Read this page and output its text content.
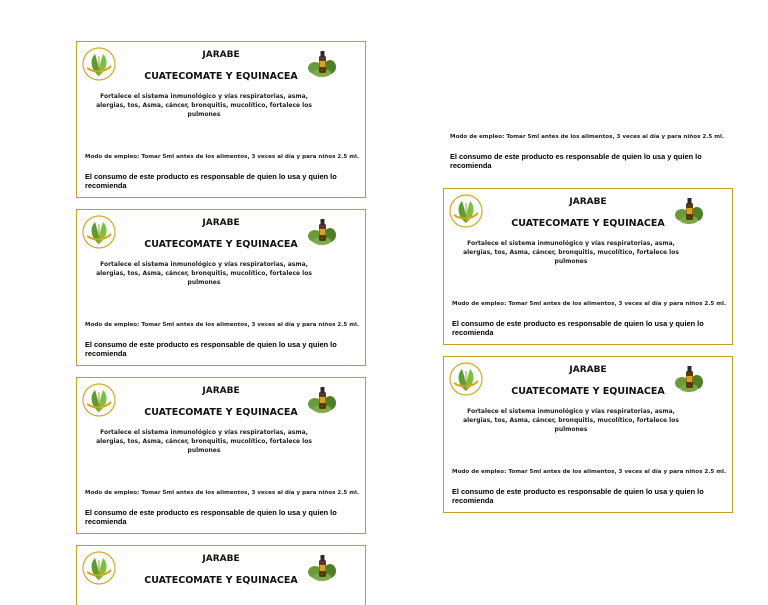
JARABE
CUATECOMATE Y EQUINACEA
Fortalece el sistema inmunológico y vías respiratorias, asma, alergias, tos, Asma, cáncer, bronquitis, mucolítico, fortalece los pulmones
Modo de empleo: Tomar 5ml antes de los alimentos, 3 veces al día y para niños 2.5 ml.
El consumo de este producto es responsable de quien lo usa y quien lo recomienda
JARABE
CUATECOMATE Y EQUINACEA
Fortalece el sistema inmunológico y vías respiratorias, asma, alergias, tos, Asma, cáncer, bronquitis, mucolítico, fortalece los pulmones
Modo de empleo: Tomar 5ml antes de los alimentos, 3 veces al día y para niños 2.5 ml.
El consumo de este producto es responsable de quien lo usa y quien lo recomienda
JARABE
CUATECOMATE Y EQUINACEA
Fortalece el sistema inmunológico y vías respiratorias, asma, alergias, tos, Asma, cáncer, bronquitis, mucolítico, fortalece los pulmones
Modo de empleo: Tomar 5ml antes de los alimentos, 3 veces al día y para niños 2.5 ml.
El consumo de este producto es responsable de quien lo usa y quien lo recomienda
JARABE
CUATECOMATE Y EQUINACEA
Modo de empleo: Tomar 5ml antes de los alimentos, 3 veces al día y para niños 2.5 ml.
El consumo de este producto es responsable de quien lo usa y quien lo recomienda
JARABE
CUATECOMATE Y EQUINACEA
Fortalece el sistema inmunológico y vías respiratorias, asma, alergias, tos, Asma, cáncer, bronquitis, mucolítico, fortalece los pulmones
Modo de empleo: Tomar 5ml antes de los alimentos, 3 veces al día y para niños 2.5 ml.
El consumo de este producto es responsable de quien lo usa y quien lo recomienda
JARABE
CUATECOMATE Y EQUINACEA
Fortalece el sistema inmunológico y vías respiratorias, asma, alergias, tos, Asma, cáncer, bronquitis, mucolítico, fortalece los pulmones
Modo de empleo: Tomar 5ml antes de los alimentos, 3 veces al día y para niños 2.5 ml.
El consumo de este producto es responsable de quien lo usa y quien lo recomienda
